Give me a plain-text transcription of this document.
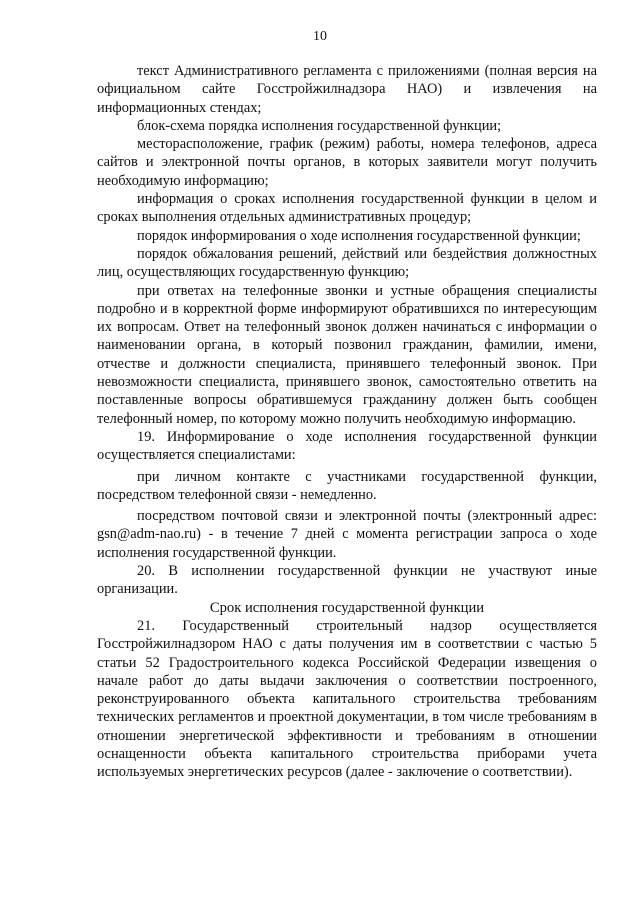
10

текст Административного регламента с приложениями (полная версия на официальном сайте Госстройжилнадзора НАО) и извлечения на информационных стендах;

блок-схема порядка исполнения государственной функции;

месторасположение, график (режим) работы, номера телефонов, адреса сайтов и электронной почты органов, в которых заявители могут получить необходимую информацию;

информация о сроках исполнения государственной функции в целом и сроках выполнения отдельных административных процедур;

порядок информирования о ходе исполнения государственной функции;

порядок обжалования решений, действий или бездействия должностных лиц, осуществляющих государственную функцию;

при ответах на телефонные звонки и устные обращения специалисты подробно и в корректной форме информируют обратившихся по интересующим их вопросам. Ответ на телефонный звонок должен начинаться с информации о наименовании органа, в который позвонил гражданин, фамилии, имени, отчестве и должности специалиста, принявшего телефонный звонок. При невозможности специалиста, принявшего звонок, самостоятельно ответить на поставленные вопросы обратившемуся гражданину должен быть сообщен телефонный номер, по которому можно получить необходимую информацию.

19. Информирование о ходе исполнения государственной функции осуществляется специалистами:

при личном контакте с участниками государственной функции, посредством телефонной связи - немедленно.

посредством почтовой связи и электронной почты (электронный адрес: gsn@adm-nao.ru) - в течение 7 дней с момента регистрации запроса о ходе исполнения государственной функции.

20. В исполнении государственной функции не участвуют иные организации.

Срок исполнения государственной функции

21. Государственный строительный надзор осуществляется Госстройжилнадзором НАО с даты получения им в соответствии с частью 5 статьи 52 Градостроительного кодекса Российской Федерации извещения о начале работ до даты выдачи заключения о соответствии построенного, реконструированного объекта капитального строительства требованиям технических регламентов и проектной документации, в том числе требованиям в отношении энергетической эффективности и требованиям в отношении оснащенности объекта капитального строительства приборами учета используемых энергетических ресурсов (далее - заключение о соответствии).
